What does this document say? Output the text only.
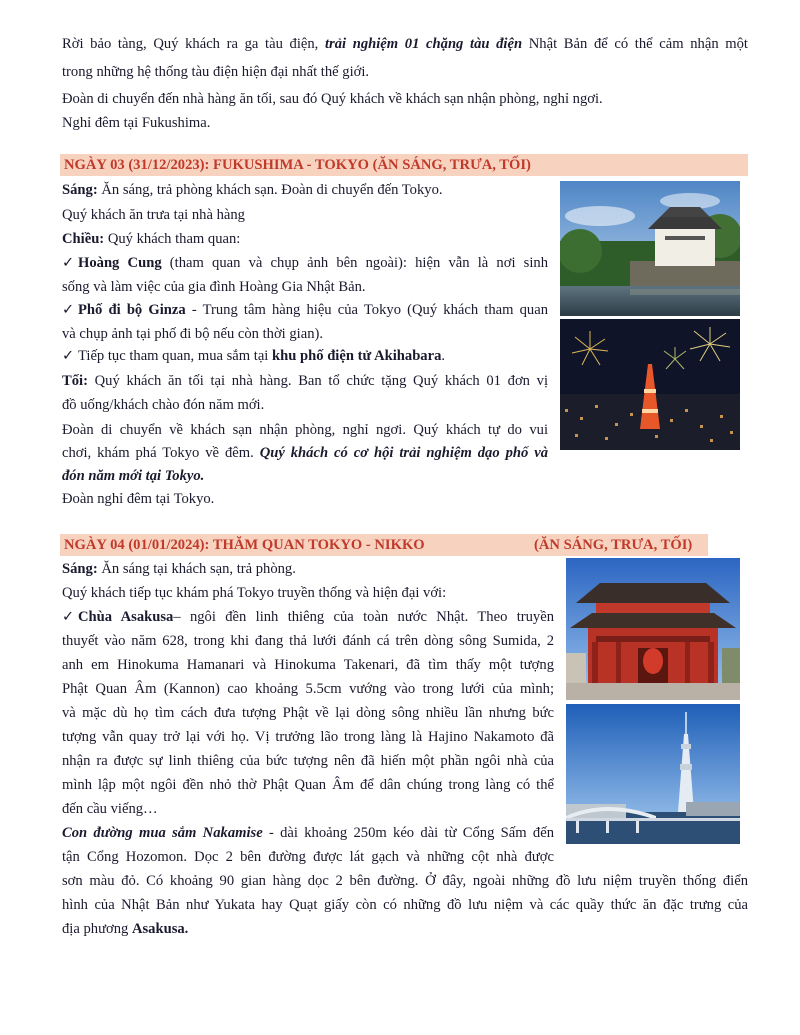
Rời bảo tàng, Quý khách ra ga tàu điện, trải nghiệm 01 chặng tàu điện Nhật Bản để có thể cảm nhận một

trong những hệ thống tàu điện hiện đại nhất thế giới.

Đoàn di chuyển đến nhà hàng ăn tối, sau đó Quý khách về khách sạn nhận phòng, nghỉ ngơi.

Nghỉ đêm tại Fukushima.

NGÀY 03 (31/12/2023): FUKUSHIMA - TOKYO (ĂN SÁNG, TRƯA, TỐI)

Sáng: Ăn sáng, trả phòng khách sạn. Đoàn di chuyển đến Tokyo.

Quý khách ăn trưa tại nhà hàng

Chiều: Quý khách tham quan:

✓ Hoàng Cung (tham quan và chụp ảnh bên ngoài): hiện vẫn là nơi sinh

sống và làm việc của gia đình Hoàng Gia Nhật Bản.

✓ Phố đi bộ Ginza - Trung tâm hàng hiệu của Tokyo (Quý khách tham quan

và chụp ảnh tại phố đi bộ nếu còn thời gian).

✓ Tiếp tục tham quan, mua sắm tại khu phố điện tử Akihabara.

Tối: Quý khách ăn tối tại nhà hàng. Ban tổ chức tặng Quý khách 01 đơn vị

đồ uống/khách chào đón năm mới.

Đoàn di chuyển về khách sạn nhận phòng, nghỉ ngơi. Quý khách tự do vui

chơi, khám phá Tokyo về đêm. Quý khách có cơ hội trải nghiệm dạo phố và

đón năm mới tại Tokyo.

Đoàn nghỉ đêm tại Tokyo.

NGÀY 04 (01/01/2024): THĂM QUAN TOKYO - NIKKO	(ĂN SÁNG, TRƯA, TỐI)

Sáng: Ăn sáng tại khách sạn, trả phòng.

Quý khách tiếp tục khám phá Tokyo truyền thống và hiện đại với:

✓ Chùa Asakusa– ngôi đền linh thiêng của toàn nước Nhật. Theo truyền

thuyết vào năm 628, trong khi đang thả lưới đánh cá trên dòng sông Sumida, 2

anh em Hinokuma Hamanari và Hinokuma Takenari, đã tìm thấy một tượng

Phật Quan Âm (Kannon) cao khoảng 5.5cm vướng vào trong lưới của mình;

và mặc dù họ tìm cách đưa tượng Phật về lại dòng sông nhiều lần nhưng bức

tượng vẫn quay trở lại với họ. Vị trưởng lão trong làng là Hajino Nakamoto đã

nhận ra được sự linh thiêng của bức tượng nên đã hiến một phần ngôi nhà của

mình lập một ngôi đền nhỏ thờ Phật Quan Âm để dân chúng trong làng có thể

đến cầu viếng…

Con đường mua sắm Nakamise - dài khoảng 250m kéo dài từ Cổng Sấm đến

tận Cổng Hozomon. Dọc 2 bên đường được lát gạch và những cột nhà được

sơn màu đỏ. Có khoảng 90 gian hàng dọc 2 bên đường. Ở đây, ngoài những đồ lưu niệm truyền thống điển

hình của Nhật Bản như Yukata hay Quạt giấy còn có những đồ lưu niệm và các quầy thức ăn đặc trưng của

địa phương Asakusa.
